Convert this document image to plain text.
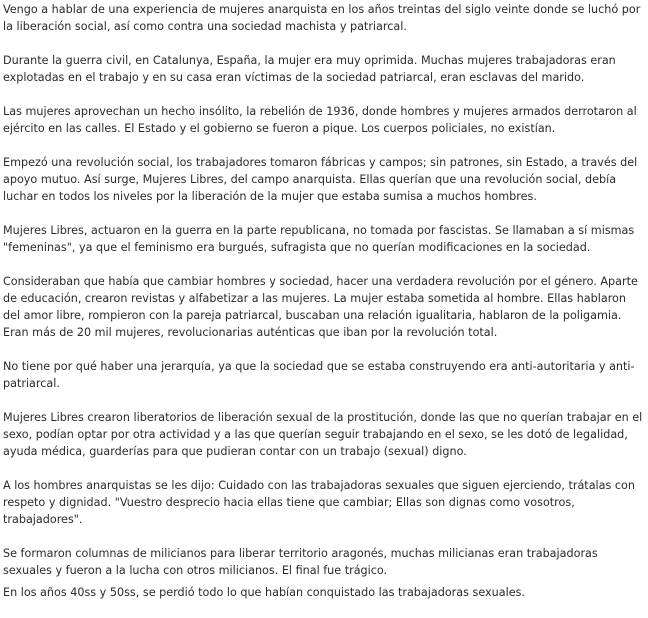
Vengo a hablar de una experiencia de mujeres anarquista en los años treintas del siglo veinte donde se luchó por la liberación social, así como contra una sociedad machista y patriarcal.

Durante la guerra civil, en Catalunya, España, la mujer era muy oprimida. Muchas mujeres trabajadoras eran explotadas en el trabajo y en su casa eran víctimas de la sociedad patriarcal, eran esclavas del marido.

Las mujeres aprovechan un hecho insólito, la rebelión de 1936, donde hombres y mujeres armados derrotaron al ejército en las calles. El Estado y el gobierno se fueron a pique. Los cuerpos policiales, no existían.

Empezó una revolución social, los trabajadores tomaron fábricas y campos; sin patrones, sin Estado, a través del apoyo mutuo. Así surge, Mujeres Libres, del campo anarquista. Ellas querían que una revolución social, debía luchar en todos los niveles por la liberación de la mujer que estaba sumisa a muchos hombres.

Mujeres Libres, actuaron en la guerra en la parte republicana, no tomada por fascistas. Se llamaban a sí mismas "femeninas", ya que el feminismo era burgués, sufragista que no querían modificaciones en la sociedad.

Consideraban que había que cambiar hombres y sociedad, hacer una verdadera revolución por el género. Aparte de educación, crearon revistas y alfabetizar a las mujeres. La mujer estaba sometida al hombre. Ellas hablaron del amor libre, rompieron con la pareja patriarcal, buscaban una relación igualitaria, hablaron de la poligamia. Eran más de 20 mil mujeres, revolucionarias auténticas que iban por la revolución total.

No tiene por qué haber una jerarquía, ya que la sociedad que se estaba construyendo era anti-autoritaria y anti-patriarcal.

Mujeres Libres crearon liberatorios de liberación sexual de la prostitución, donde las que no querían trabajar en el sexo, podían optar por otra actividad y a las que querían seguir trabajando en el sexo, se les dotó de legalidad, ayuda médica, guarderías para que pudieran contar con un trabajo (sexual) digno.

A los hombres anarquistas se les dijo: Cuidado con las trabajadoras sexuales que siguen ejerciendo, trátalas con respeto y dignidad. "Vuestro desprecio hacia ellas tiene que cambiar; Ellas son dignas como vosotros, trabajadores".

Se formaron columnas de milicianos para liberar territorio aragonés, muchas milicianas eran trabajadoras sexuales y fueron a la lucha con otros milicianos. El final fue trágico.

En los años 40ss y 50ss, se perdió todo lo que habían conquistado las trabajadoras sexuales.
